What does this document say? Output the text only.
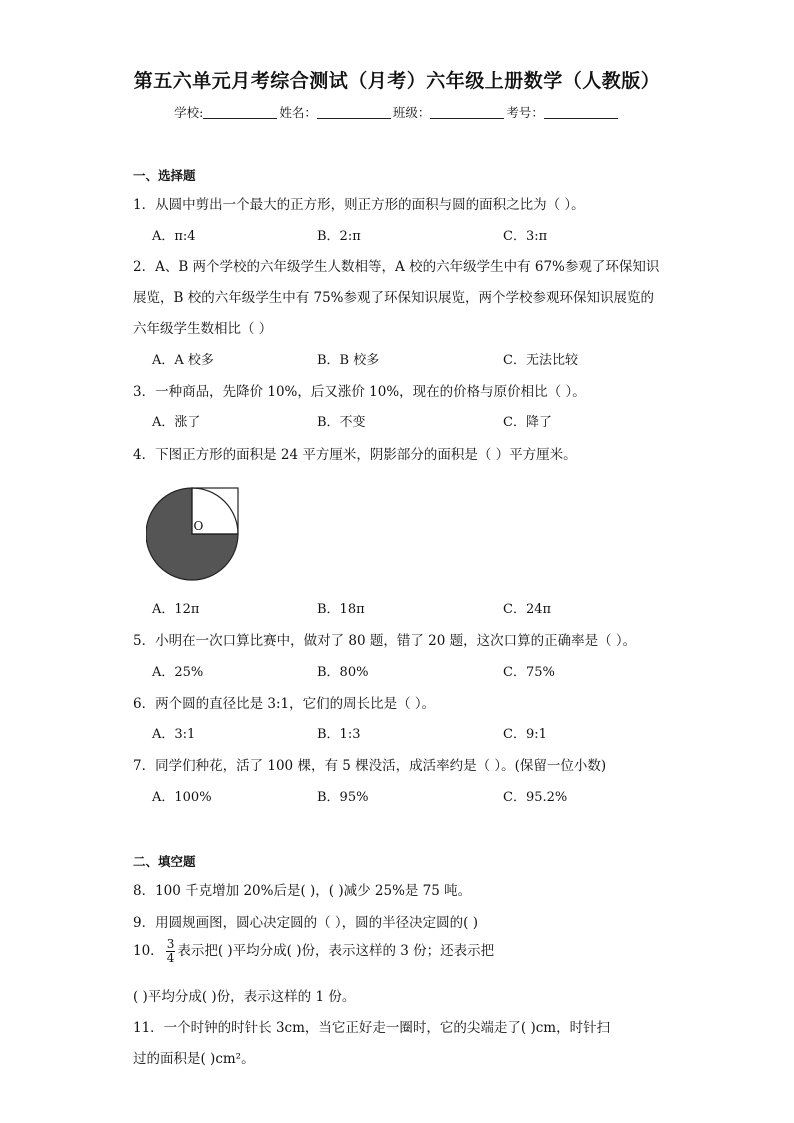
第五六单元月考综合测试（月考）六年级上册数学（人教版）
学校:	姓名：	班级：	考号：
一、选择题
1．从圆中剪出一个最大的正方形，则正方形的面积与圆的面积之比为（ ）。
A．π:4	B．2:π	C．3:π
2．A、B 两个学校的六年级学生人数相等，A 校的六年级学生中有 67%参观了环保知识
展览，B 校的六年级学生中有 75%参观了环保知识展览，两个学校参观环保知识展览的
六年级学生数相比（ ）
A．A 校多	B．B 校多	C．无法比较
3．一种商品，先降价 10%，后又涨价 10%，现在的价格与原价相比（ ）。
A．涨了	B．不变	C．降了
4．下图正方形的面积是 24 平方厘米，阴影部分的面积是（ ）平方厘米。
O
A．12π	B．18π	C．24π
5．小明在一次口算比赛中，做对了 80 题，错了 20 题，这次口算的正确率是（ ）。
A．25%	B．80%	C．75%
6．两个圆的直径比是 3:1，它们的周长比是（ ）。
A．3:1	B．1:3	C．9:1
7．同学们种花，活了 100 棵，有 5 棵没活，成活率约是（ ）。(保留一位小数)
A．100%	B．95%	C．95.2%
二、填空题
8．100 千克增加 20%后是( )，( )减少 25%是 75 吨。
9．用圆规画图，圆心决定圆的（ ），圆的半径决定圆的( )
10． $\frac{3}{4}$ 表示把( )平均分成( )份，表示这样的 3 份；还表示把
( )平均分成( )份，表示这样的 1 份。
11．一个时钟的时针长 3cm，当它正好走一圈时，它的尖端走了( )cm，时针扫
过的面积是( )cm²。
